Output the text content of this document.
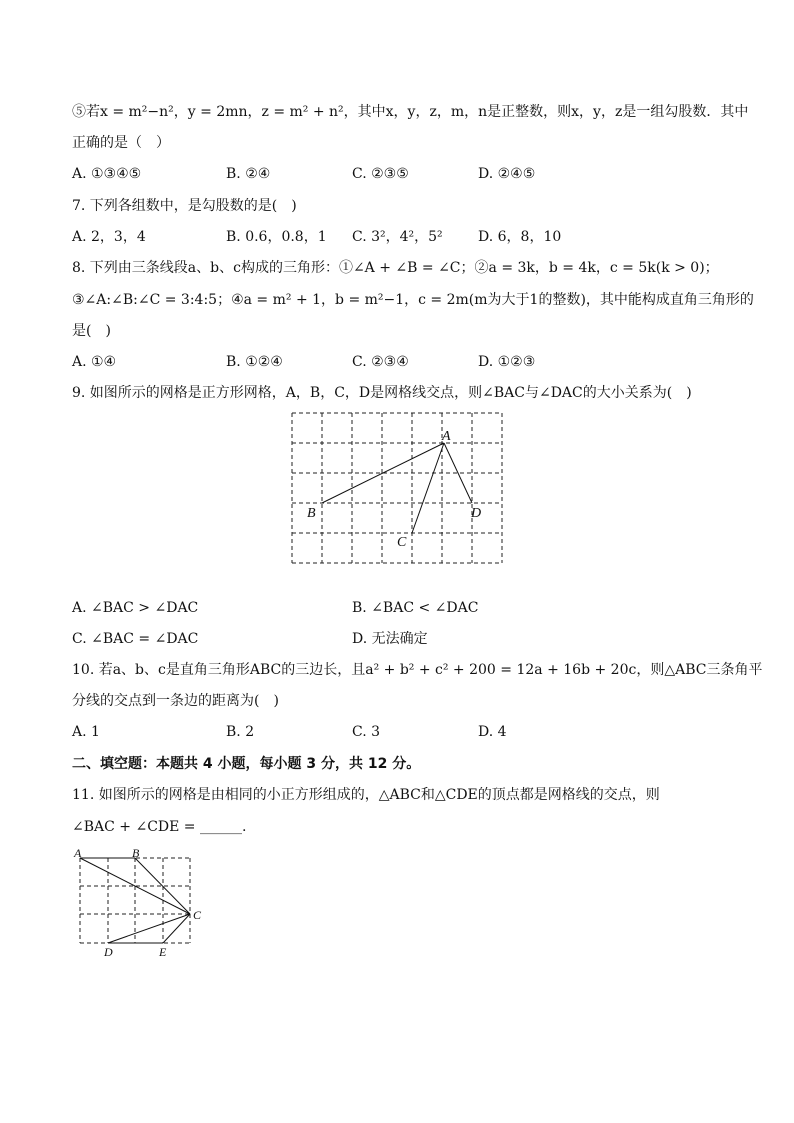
⑤若x = m²−n²，y = 2mn，z = m² + n²，其中x，y，z，m，n是正整数，则x，y，z是一组勾股数．其中
正确的是（　）
A. ①③④⑤	B. ②④	C. ②③⑤	D. ②④⑤
7. 下列各组数中，是勾股数的是(　)
A. 2，3，4	B. 0.6，0.8，1 C. 3²，4²，5²	D. 6，8，10
8. 下列由三条线段a、b、c构成的三角形：①∠A + ∠B = ∠C；②a = 3k，b = 4k，c = 5k(k > 0)；
③∠A:∠B:∠C = 3:4:5；④a = m² + 1，b = m²−1，c = 2m(m为大于1的整数)，其中能构成直角三角形的
是(　)
A. ①④	B. ①②④	C. ②③④	D. ①②③
9. 如图所示的网格是正方形网格，A，B，C，D是网格线交点，则∠BAC与∠DAC的大小关系为(　)
A
B
C
D
A. ∠BAC > ∠DAC	B. ∠BAC < ∠DAC
C. ∠BAC = ∠DAC	D. 无法确定
10. 若a、b、c是直角三角形ABC的三边长，且a² + b² + c² + 200 = 12a + 16b + 20c，则△ABC三条角平
分线的交点到一条边的距离为(　)
A. 1	B. 2	C. 3	D. 4
二、填空题：本题共 4 小题，每小题 3 分，共 12 分。
11. 如图所示的网格是由相同的小正方形组成的，△ABC和△CDE的顶点都是网格线的交点，则
∠BAC + ∠CDE = ______.
A	B
C
D	E
